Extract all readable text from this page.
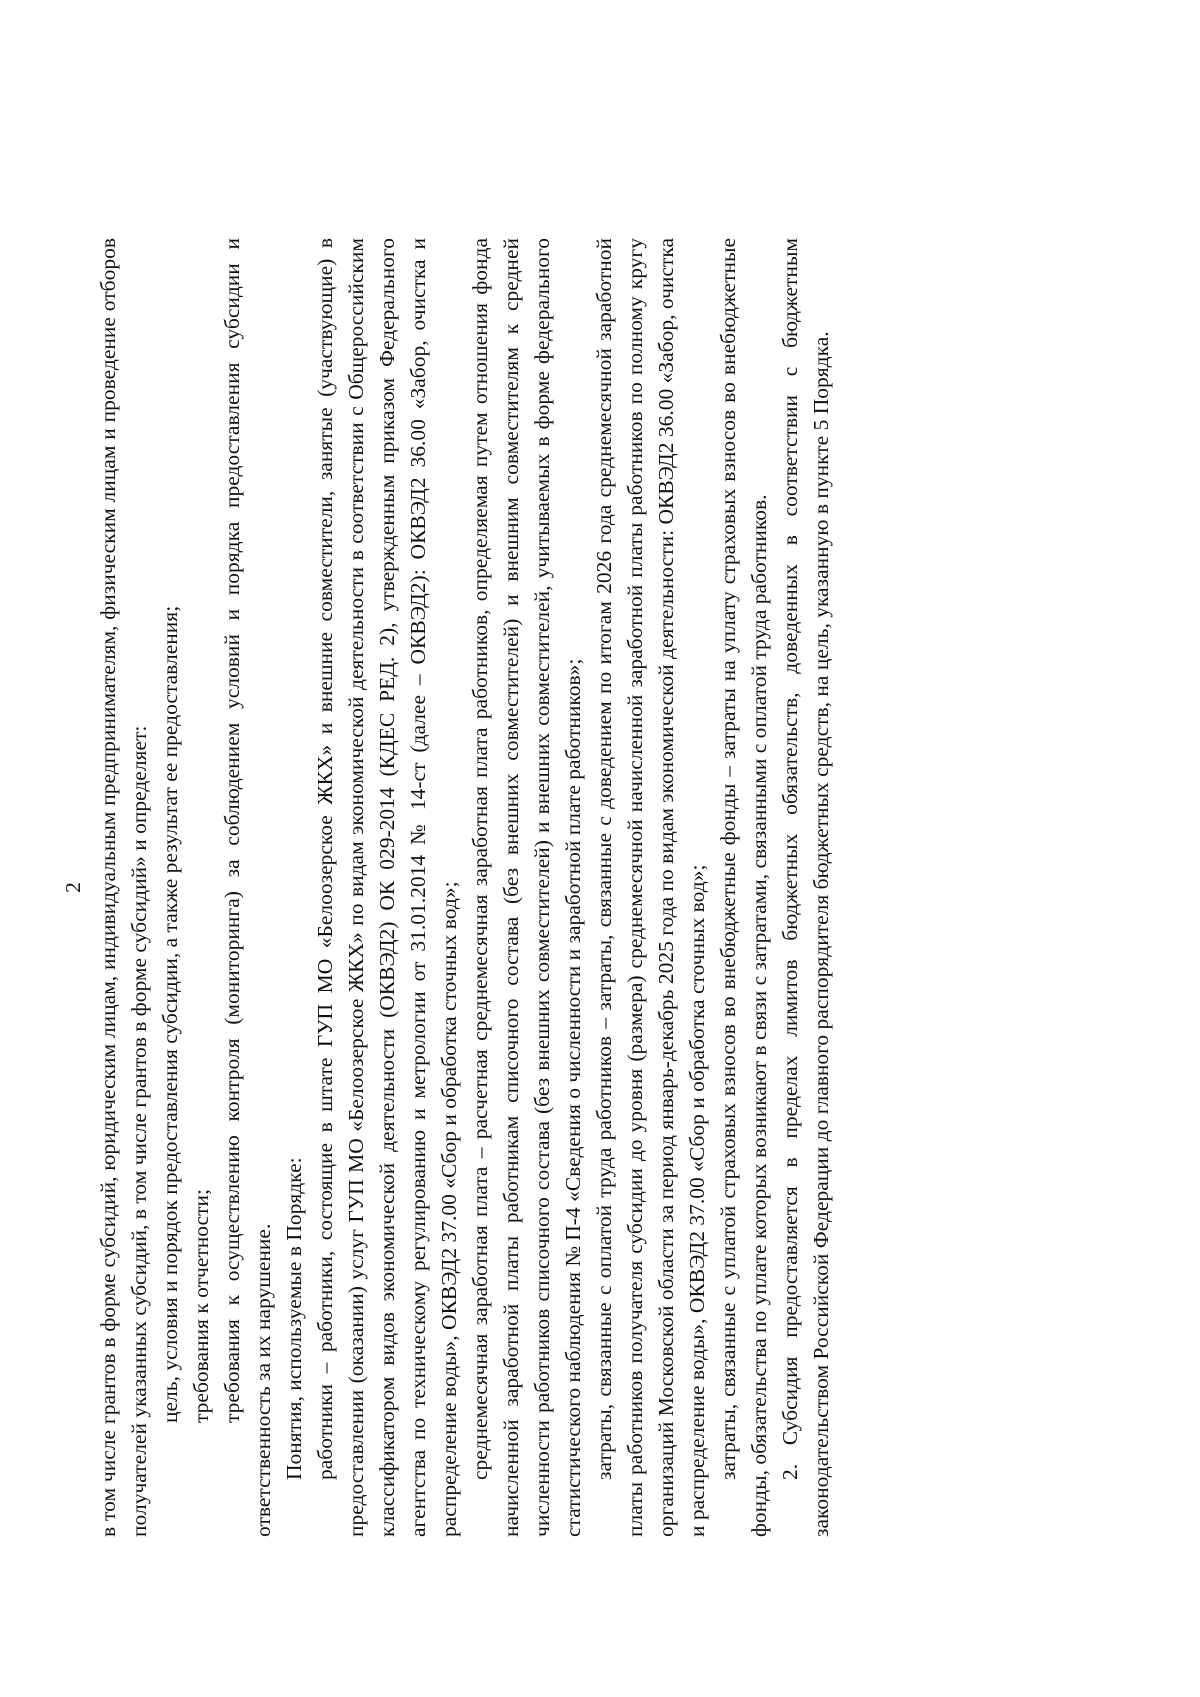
2 в том числе грантов в форме субсидий, юридическим лицам, индивидуальным предпринимателям, физическим лицам и проведение отборов получателей указанных субсидий, в том числе грантов в форме субсидий» и определяет: цель, условия и порядок предоставления субсидии, а также результат ее предоставления; требования к отчетности; требования к осуществлению контроля (мониторинга) за соблюдением условий и порядка предоставления субсидии и ответственность за их нарушение. Понятия, используемые в Порядке: работники – работники, состоящие в штате ГУП МО «Белоозерское ЖКХ» и внешние совместители, занятые (участвующие) в предоставлении (оказании) услуг ГУП МО «Белоозерское ЖКХ» по видам экономической деятельности в соответствии с Общероссийским классификатором видов экономической деятельности (ОКВЭД2) ОК 029-2014 (КДЕС РЕД. 2), утвержденным приказом Федерального агентства по техническому регулированию и метрологии от 31.01.2014 № 14-ст (далее – ОКВЭД2): ОКВЭД2 36.00 «Забор, очистка и распределение воды», ОКВЭД2 37.00 «Сбор и обработка сточных вод»; среднемесячная заработная плата – расчетная среднемесячная заработная плата работников, определяемая путем отношения фонда начисленной заработной платы работникам списочного состава (без внешних совместителей) и внешним совместителям к средней численности работников списочного состава (без внешних совместителей) и внешних совместителей, учитываемых в форме федерального статистического наблюдения № П-4 «Сведения о численности и заработной плате работников»; затраты, связанные с оплатой труда работников – затраты, связанные с доведением по итогам 2026 года среднемесячной заработной платы работников получателя субсидии до уровня (размера) среднемесячной начисленной заработной платы работников по полному кругу организаций Московской области за период январь-декабрь 2025 года по видам экономической деятельности: ОКВЭД2 36.00 «Забор, очистка и распределение воды», ОКВЭД2 37.00 «Сбор и обработка сточных вод»; затраты, связанные с уплатой страховых взносов во внебюджетные фонды – затраты на уплату страховых взносов во внебюджетные фонды, обязательства по уплате которых возникают в связи с затратами, связанными с оплатой труда работников. 2. Субсидия предоставляется в пределах лимитов бюджетных обязательств, доведенных в соответствии с бюджетным законодательством Российской Федерации до главного распорядителя бюджетных средств, на цель, указанную в пункте 5 Порядка.
